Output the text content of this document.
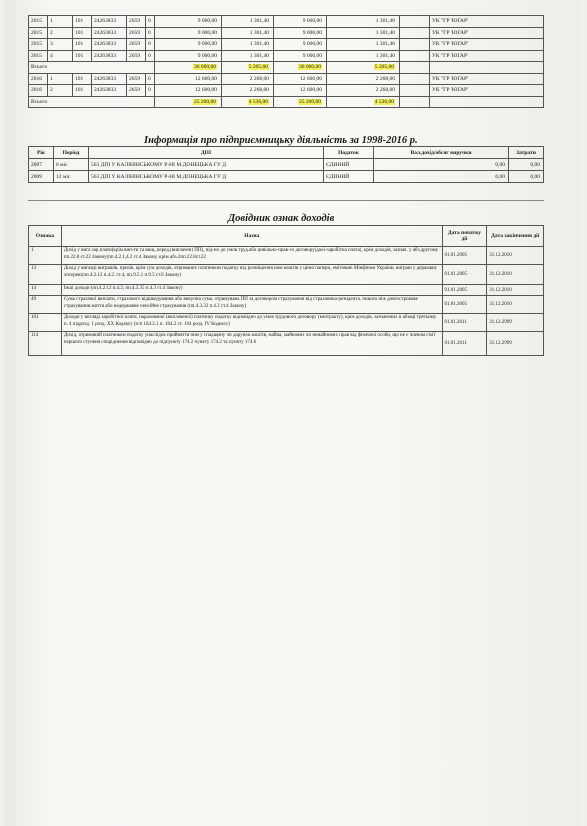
2015	1	101	24263833	2659	0	9 000,00	1 301,40	9 000,00	1 301,40		УК "ГР 'ЮГАР'
2015	2	101	24263833	2659	0	9 000,00	1 301,40	9 000,00	1 301,40		УК "ГР 'ЮГАР'
2015	3	101	24263833	2659	0	9 000,00	1 301,40	9 000,00	1 301,40		УК "ГР 'ЮГАР'
2015	4	101	24263833	2659	0	9 000,00	1 301,40	9 000,00	1 301,40		УК "ГР 'ЮГАР'
Всього						36 000,00	5 205,60	36 000,00	5 205,60		
2016	1	101	24263833	2659	0	12 600,00	2 268,00	12 600,00	2 268,00		УК "ГР 'ЮГАР'
2016	2	101	24263833	2659	0	12 600,00	2 268,00	12 600,00	2 268,00		УК "ГР 'ЮГАР'
Всього						25 200,00	4 536,00	25 200,00	4 536,00		
Інформація про підприємницьку діяльність за 1998-2016 р.
Рік	Період	ДПІ	Податок	Вал.дохід/обсяг виручки	Затрати
2007	6 міс	563 ДПІ У КАЛІНІНСЬКОМУ Р-НІ М.ДОНЕЦЬКА ГУ Д	ЄДИНИЙ	0,00	0,00
2009	12 міс	563 ДПІ У КАЛІНІНСЬКОМУ Р-НІ М.ДОНЕЦЬКА ГУ Д	ЄДИНИЙ	0,00	0,00
Довідник ознак доходів
Ознака	Назва	Дата початку дії	Дата закінчення дії
1	Дохід у вигл.зар.плати(крім вип-ти та вищ.,перед.(виплачен) ПП), під-но до умов труд.або цивільно-прав-го договору(далі-заробітна плата), крім доходів, зазнач. у абз.другому пп.22.8 ст.22 Закону(пп.4.2.1,4.2 ст.4 Закону, крім абз.2пп.22.8ст.22	01.01.2005	31.12.2010
13	Дохід у вигляді виграшів, призів, крім сум доходів, отриманих платником податку від розміщення ним коштів у цінні папери, емітовані Мінфіном України, виграш у державну лотерею(пп.4.2.12 п.4.2. ст.4, пп.9.5.1 п.9.5 ст.9 Закону)	01.01.2005	31.12.2010
14	Інші доходи (пп.4.2.12 п.4.2, пп.4.3.35 п.4.3 ст.4 Закону)	01.01.2005	31.12.2010
49	Сума страхової виплати, страхового відшкодування або викупна сума, отримувана ПП за договором страхування від страховика-резидента, іншого ніж довгострокове страхування життя або недержавне пенсійне страхування (пп.4.3.32 п.4.3 ст.4 Закону)	01.01.2005	31.12.2010
101	Доходи у вигляді заробітної плати, нарахованої (виплаченої) платнику податку відповідно до умов трудового договору (контракту), крім доходів, зазначених в абзаці третьому п. 4 підрозд. 1 розд. XX Кодексу (п/п 164.2.1 п. 164.2 ст. 164 розд. IV Кодексу)	01.01.2011	31.12.2999
114	Дохід, отриманий платником податку унаслідок прийняття ним у спадщину чи дарунок коштів, майна, майнових чи немайнових прав від фізичної особи, що не є членом сім'ї першого ступеня споріднення відповідно до підпункту 174.2 пункту 174.2 та пункту 174.6	01.01.2011	31.12.2999
